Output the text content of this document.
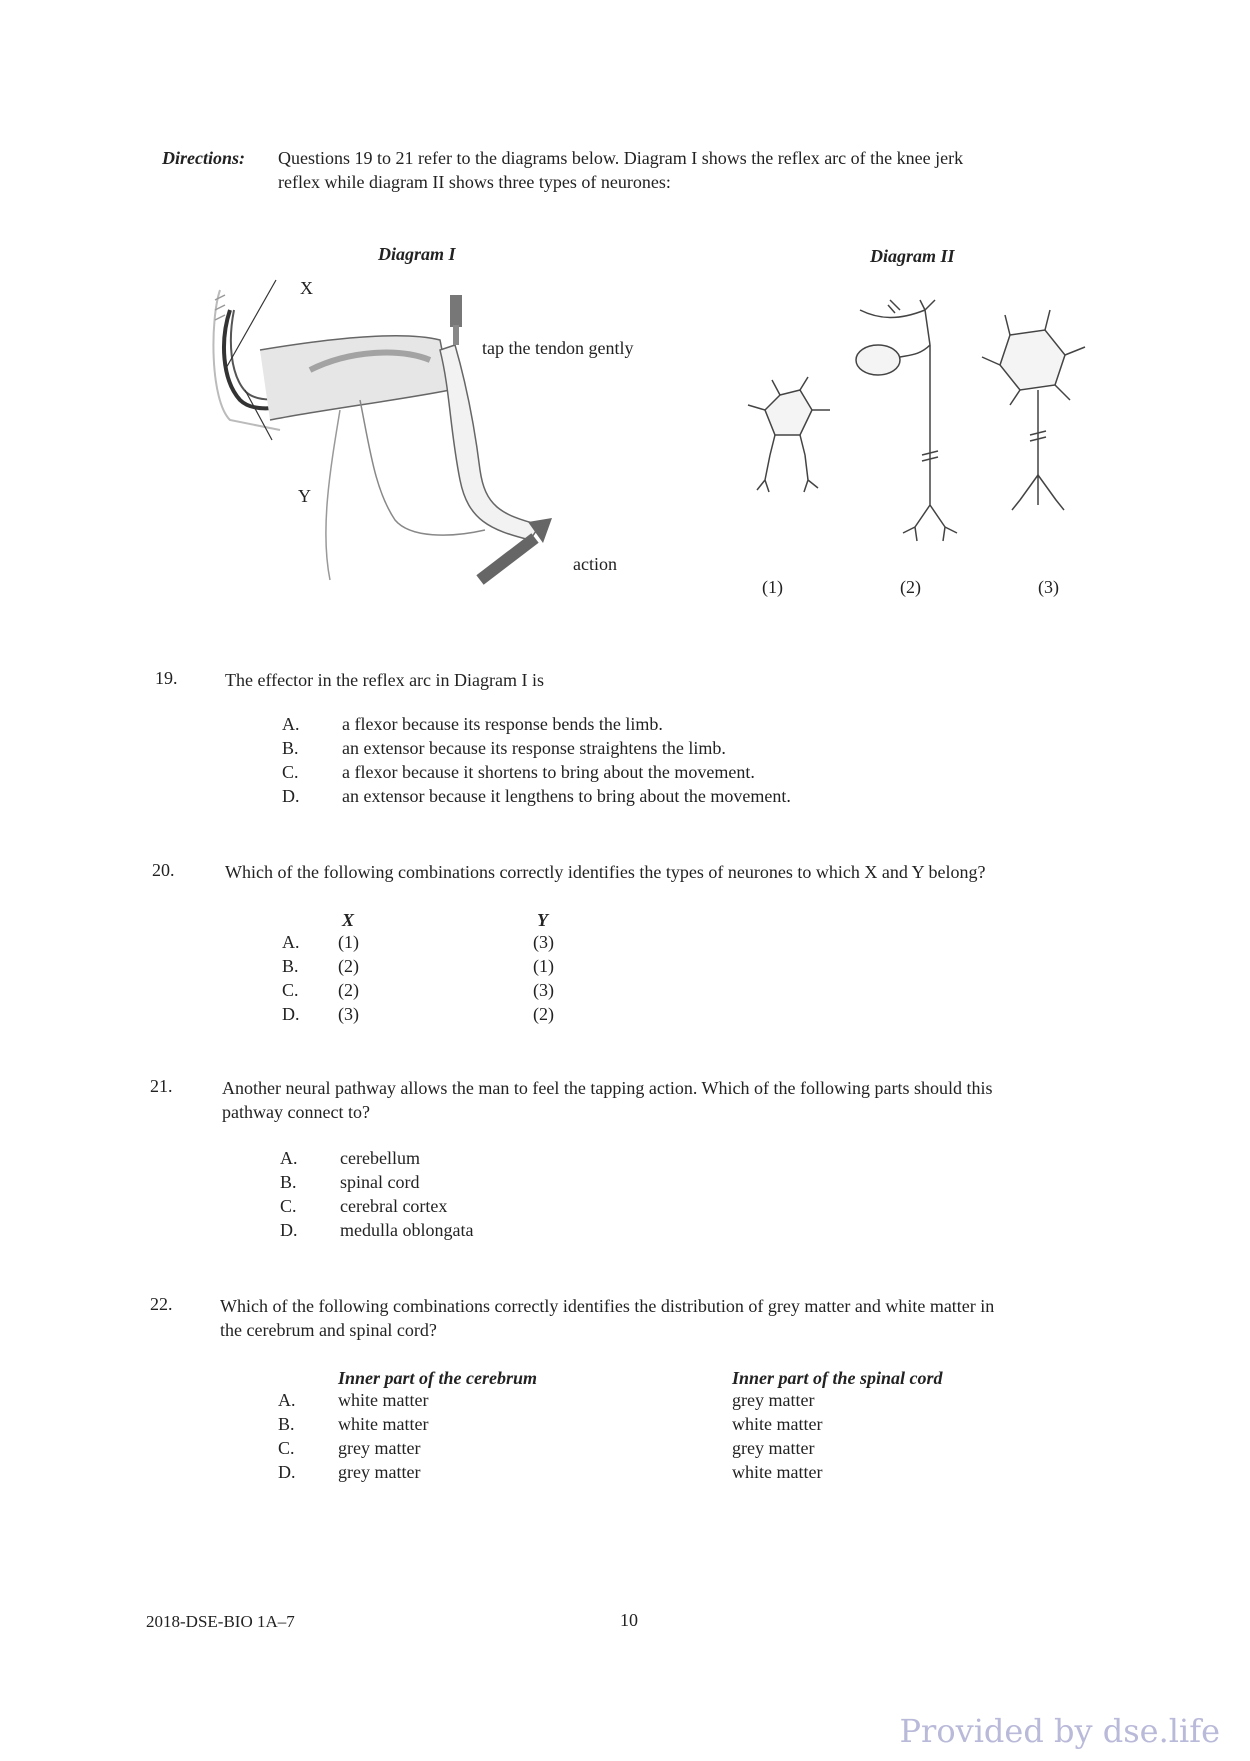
Directions: Questions 19 to 21 refer to the diagrams below. Diagram I shows the reflex arc of the knee jerk
reflex while diagram II shows three types of neurones:
Diagram I
X
Y
tap the tendon gently
action
Diagram II
(1)	(2)	(3)
19.	The effector in the reflex arc in Diagram I is
A. a flexor because its response bends the limb.
B. an extensor because its response straightens the limb.
C. a flexor because it shortens to bring about the movement.
D. an extensor because it lengthens to bring about the movement.
20.	Which of the following combinations correctly identifies the types of neurones to which X and Y belong?
X	Y
A. (1)	(3)
B. (2)	(1)
C. (2)	(3)
D. (3)	(2)
21.	Another neural pathway allows the man to feel the tapping action. Which of the following parts should this
pathway connect to?
A. cerebellum
B. spinal cord
C. cerebral cortex
D. medulla oblongata
22.	Which of the following combinations correctly identifies the distribution of grey matter and white matter in
the cerebrum and spinal cord?
Inner part of the cerebrum	Inner part of the spinal cord
A. white matter	grey matter
B. white matter	white matter
C. grey matter	grey matter
D. grey matter	white matter
2018-DSE-BIO 1A–7	10
Provided by dse.life
